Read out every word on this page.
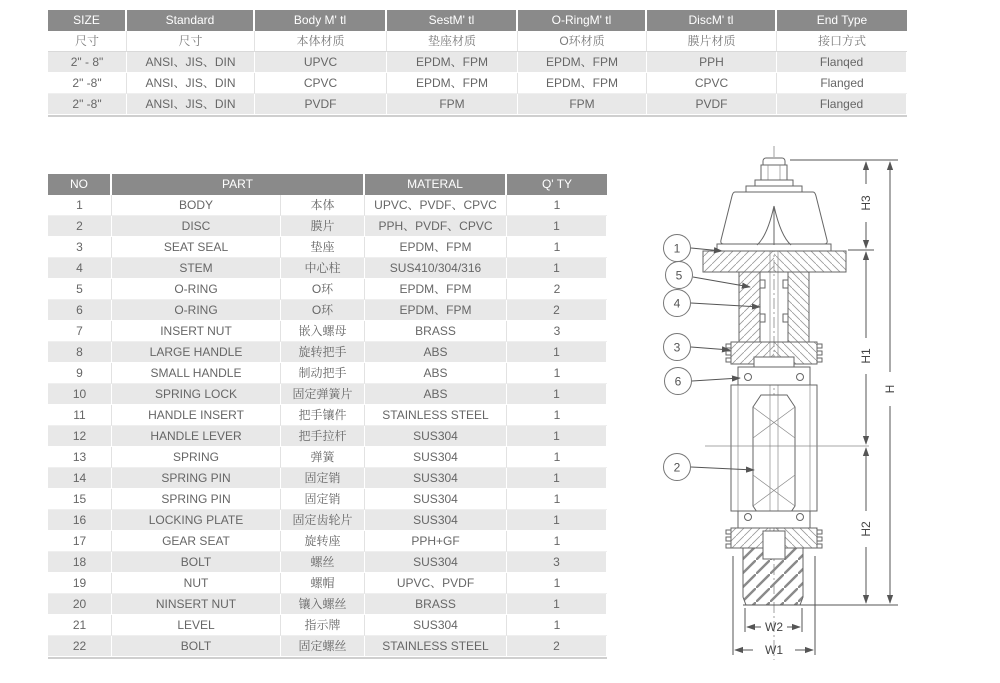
SIZE	Standard	Body M' tl	SestM' tl	O-RingM' tl	DiscM' tl	End Type
尺寸	尺寸	本体材质	垫座材质	O环材质	膜片材质	接口方式
2" - 8"	ANSI、JIS、DIN	UPVC	EPDM、FPM	EPDM、FPM	PPH	Flanqed
2" -8"	ANSI、JIS、DIN	CPVC	EPDM、FPM	EPDM、FPM	CPVC	Flanged
2" -8"	ANSI、JIS、DIN	PVDF	FPM	FPM	PVDF	Flanged
NO	PART	MATERAL	Q' TY
1	BODY	本体	UPVC、PVDF、CPVC	1
2	DISC	膜片	PPH、PVDF、CPVC	1
3	SEAT SEAL	垫座	EPDM、FPM	1
4	STEM	中心柱	SUS410/304/316	1
5	O-RING	O环	EPDM、FPM	2
6	O-RING	O环	EPDM、FPM	2
7	INSERT NUT	嵌入螺母	BRASS	3
8	LARGE HANDLE	旋转把手	ABS	1
9	SMALL HANDLE	制动把手	ABS	1
10	SPRING LOCK	固定弹簧片	ABS	1
11	HANDLE INSERT	把手镶件	STAINLESS STEEL	1
12	HANDLE LEVER	把手拉杆	SUS304	1
13	SPRING	弹簧	SUS304	1
14	SPRING PIN	固定销	SUS304	1
15	SPRING PIN	固定销	SUS304	1
16	LOCKING PLATE	固定齿轮片	SUS304	1
17	GEAR SEAT	旋转座	PPH+GF	1
18	BOLT	螺丝	SUS304	3
19	NUT	螺帽	UPVC、PVDF	1
20	NINSERT NUT	镶入螺丝	BRASS	1
21	LEVEL	指示牌	SUS304	1
22	BOLT	固定螺丝	STAINLESS STEEL	2
1
5
4
3
6
2
H3
H1
H2
H
W2
W1
